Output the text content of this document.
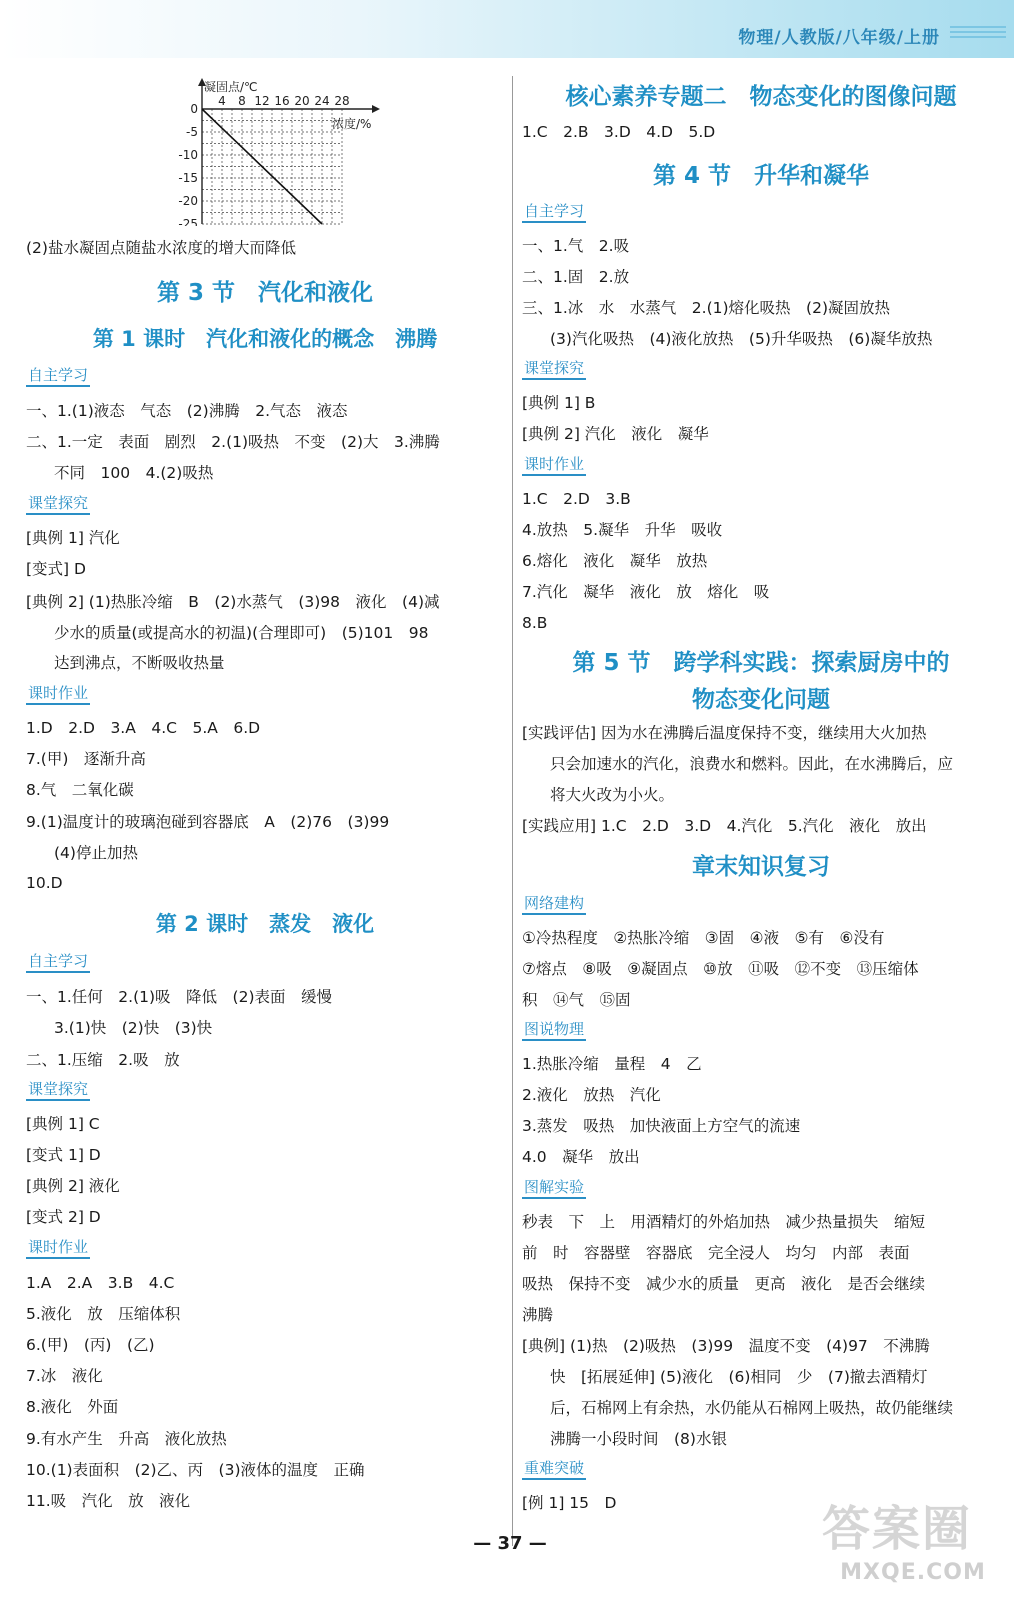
物理/人教版/八年级/上册
凝固点/℃
浓度/%
4 8 12 16 20 24 28
0
-5
-10
-15
-20
-25
(2)盐水凝固点随盐水浓度的增大而降低
第 3 节　汽化和液化
第 1 课时　汽化和液化的概念　沸腾
自主学习
一、1.(1)液态　气态　(2)沸腾　2.气态　液态
二、1.一定　表面　剧烈　2.(1)吸热　不变　(2)大　3.沸腾
不同　100　4.(2)吸热
课堂探究
[典例 1] 汽化
[变式] D
[典例 2] (1)热胀冷缩　B　(2)水蒸气　(3)98　液化　(4)减
少水的质量(或提高水的初温)(合理即可)　(5)101　98
达到沸点，不断吸收热量
课时作业
1.D　2.D　3.A　4.C　5.A　6.D
7.(甲)　逐渐升高
8.气　二氧化碳
9.(1)温度计的玻璃泡碰到容器底　A　(2)76　(3)99
(4)停止加热
10.D
第 2 课时　蒸发　液化
自主学习
一、1.任何　2.(1)吸　降低　(2)表面　缓慢
3.(1)快　(2)快　(3)快
二、1.压缩　2.吸　放
课堂探究
[典例 1] C
[变式 1] D
[典例 2] 液化
[变式 2] D
课时作业
1.A　2.A　3.B　4.C
5.液化　放　压缩体积
6.(甲)　(丙)　(乙)
7.冰　液化
8.液化　外面
9.有水产生　升高　液化放热
10.(1)表面积　(2)乙、丙　(3)液体的温度　正确
11.吸　汽化　放　液化
核心素养专题二　物态变化的图像问题
1.C　2.B　3.D　4.D　5.D
第 4 节　升华和凝华
自主学习
一、1.气　2.吸
二、1.固　2.放
三、1.冰　水　水蒸气　2.(1)熔化吸热　(2)凝固放热
(3)汽化吸热　(4)液化放热　(5)升华吸热　(6)凝华放热
课堂探究
[典例 1] B
[典例 2] 汽化　液化　凝华
课时作业
1.C　2.D　3.B
4.放热　5.凝华　升华　吸收
6.熔化　液化　凝华　放热
7.汽化　凝华　液化　放　熔化　吸
8.B
第 5 节　跨学科实践：探索厨房中的
物态变化问题
[实践评估] 因为水在沸腾后温度保持不变，继续用大火加热
只会加速水的汽化，浪费水和燃料。因此，在水沸腾后，应
将大火改为小火。
[实践应用] 1.C　2.D　3.D　4.汽化　5.汽化　液化　放出
章末知识复习
网络建构
①冷热程度　②热胀冷缩　③固　④液　⑤有　⑥没有
⑦熔点　⑧吸　⑨凝固点　⑩放　⑪吸　⑫不变　⑬压缩体
积　⑭气　⑮固
图说物理
1.热胀冷缩　量程　4　乙
2.液化　放热　汽化
3.蒸发　吸热　加快液面上方空气的流速
4.0　凝华　放出
图解实验
秒表　下　上　用酒精灯的外焰加热　减少热量损失　缩短
前　时　容器壁　容器底　完全浸人　均匀　内部　表面
吸热　保持不变　减少水的质量　更高　液化　是否会继续
沸腾
[典例] (1)热　(2)吸热　(3)99　温度不变　(4)97　不沸腾
快　[拓展延伸] (5)液化　(6)相同　少　(7)撤去酒精灯
后，石棉网上有余热，水仍能从石棉网上吸热，故仍能继续
沸腾一小段时间　(8)水银
重难突破
[例 1] 15　D
— 37 —	答案圈
MXQE.COM
